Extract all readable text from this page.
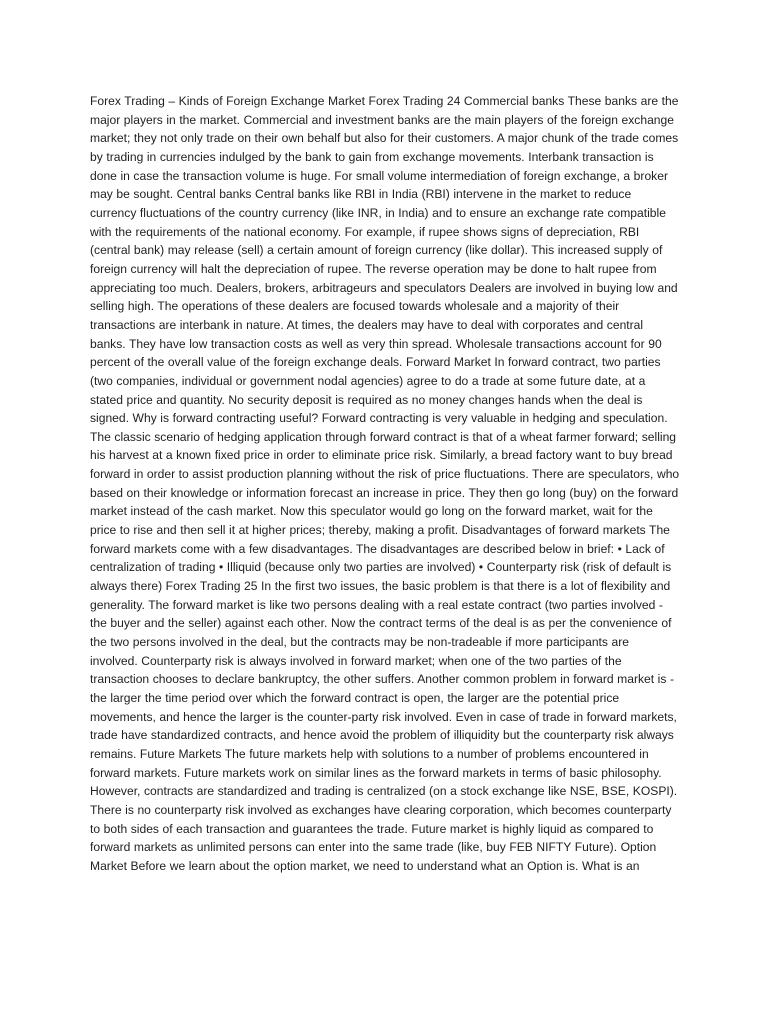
Forex Trading – Kinds of Foreign Exchange Market Forex Trading 24 Commercial banks These banks are the major players in the market. Commercial and investment banks are the main players of the foreign exchange market; they not only trade on their own behalf but also for their customers. A major chunk of the trade comes by trading in currencies indulged by the bank to gain from exchange movements. Interbank transaction is done in case the transaction volume is huge. For small volume intermediation of foreign exchange, a broker may be sought. Central banks Central banks like RBI in India (RBI) intervene in the market to reduce currency fluctuations of the country currency (like INR, in India) and to ensure an exchange rate compatible with the requirements of the national economy. For example, if rupee shows signs of depreciation, RBI (central bank) may release (sell) a certain amount of foreign currency (like dollar). This increased supply of foreign currency will halt the depreciation of rupee. The reverse operation may be done to halt rupee from appreciating too much. Dealers, brokers, arbitrageurs and speculators Dealers are involved in buying low and selling high. The operations of these dealers are focused towards wholesale and a majority of their transactions are interbank in nature. At times, the dealers may have to deal with corporates and central banks. They have low transaction costs as well as very thin spread. Wholesale transactions account for 90 percent of the overall value of the foreign exchange deals. Forward Market In forward contract, two parties (two companies, individual or government nodal agencies) agree to do a trade at some future date, at a stated price and quantity. No security deposit is required as no money changes hands when the deal is signed. Why is forward contracting useful? Forward contracting is very valuable in hedging and speculation. The classic scenario of hedging application through forward contract is that of a wheat farmer forward; selling his harvest at a known fixed price in order to eliminate price risk. Similarly, a bread factory want to buy bread forward in order to assist production planning without the risk of price fluctuations. There are speculators, who based on their knowledge or information forecast an increase in price. They then go long (buy) on the forward market instead of the cash market. Now this speculator would go long on the forward market, wait for the price to rise and then sell it at higher prices; thereby, making a profit. Disadvantages of forward markets The forward markets come with a few disadvantages. The disadvantages are described below in brief: • Lack of centralization of trading • Illiquid (because only two parties are involved) • Counterparty risk (risk of default is always there) Forex Trading 25 In the first two issues, the basic problem is that there is a lot of flexibility and generality. The forward market is like two persons dealing with a real estate contract (two parties involved - the buyer and the seller) against each other. Now the contract terms of the deal is as per the convenience of the two persons involved in the deal, but the contracts may be non-tradeable if more participants are involved. Counterparty risk is always involved in forward market; when one of the two parties of the transaction chooses to declare bankruptcy, the other suffers. Another common problem in forward market is - the larger the time period over which the forward contract is open, the larger are the potential price movements, and hence the larger is the counter-party risk involved. Even in case of trade in forward markets, trade have standardized contracts, and hence avoid the problem of illiquidity but the counterparty risk always remains. Future Markets The future markets help with solutions to a number of problems encountered in forward markets. Future markets work on similar lines as the forward markets in terms of basic philosophy. However, contracts are standardized and trading is centralized (on a stock exchange like NSE, BSE, KOSPI). There is no counterparty risk involved as exchanges have clearing corporation, which becomes counterparty to both sides of each transaction and guarantees the trade. Future market is highly liquid as compared to forward markets as unlimited persons can enter into the same trade (like, buy FEB NIFTY Future). Option Market Before we learn about the option market, we need to understand what an Option is. What is an
